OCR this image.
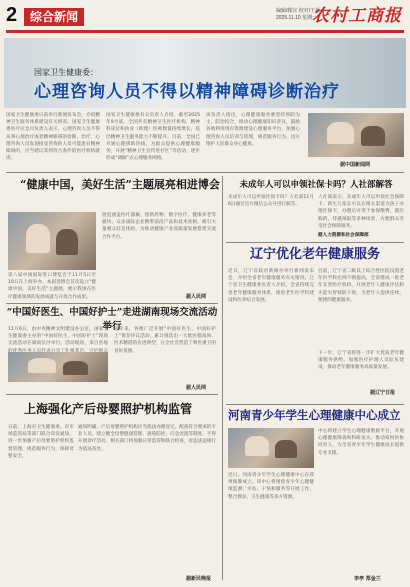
2	综合新闻	编辑/滕宣 校对/王晨
2025.11.10 星期一
农村工商报
国家卫生健康委：
心理咨询人员不得以精神障碍诊断治疗
国家卫生健康委日前举行新闻发布会，介绍精神卫生服务体系建设有关情况。国家卫生健康委医疗应急司负责人表示，心理咨询人员不得从事心理治疗或者精神障碍的诊断、治疗，心理咨询人员发现接受咨询的人员可能患有精神障碍的，应当建议其到符合条件的医疗机构就诊。
国家卫生健康委有关负责人介绍，截至2025年9月底，全国共有精神卫生医疗机构，精神科床位和执业（助理）医师数量持续增长，基层精神卫生服务能力不断提升。目前，全国已开通心理援助热线，为群众提供心理健康服务，开展“精神卫生宣传进社区”等活动，逐步形成“调解”式心理服务网络。
该负责人指出，心理健康服务要坚持预防为主、防治结合，推动心理健康知识普及，鼓励各地利用现有资源建设心理服务平台，加强心理咨询人员培训与管理，规范服务行为，切实维护人民群众身心健康。
据中国新闻网
“健康中国，美好生活”主题展亮相进博会
第八届中国国际进口博览会于11月5日至10日在上海举办。本届进博会首次设立“健康中国，美好生活”主题展，展示我国在医疗健康领域的发展成就与开放合作成果。
展览涵盖医疗器械、创新药物、数字医疗、健康养老等板块，众多国际企业携带前沿产品和技术亮相，吸引大量观众驻足体验，为推动健康产业高质量发展搭建交流合作平台。
据人民网
“中国好医生、中国好护士”走进湖南现场交流活动举行
11月6日，由中央精神文明建设办公室、国家卫生健康委主办的“中国好医生、中国好护士”现场交流活动在湖南长沙举行。活动现场，来自各地
近年来，各地广泛开展“中国好医生、中国好护士”推荐评议活动，累计推选出一大批医德高尚、医术精湛的先进典型，在全社会营造了尊医重卫的良好氛围。
据人民网
上海强化产后母婴照护机构监管
日前，上海市卫生健康委、市市场监管局等部门联合印发通知，进一步加强产后母婴照护机构监督管理，规范服务行为，保障母婴安全。
通知明确，产后母婴照护机构应当依法办理登记，配备符合要求的专业人员，建立健全母婴健康管理、感染防控、应急处置等制度，不得开展诊疗活动。相关部门将加强日常监管和联合检查，对违法违规行为依法查处。
据新民晚报
未成年人可以申领社保卡吗？人社部解答
未成年人可以申领社保卡吗？人社部11月6日通过官方微信公众号进行解答。
人社部表示，未成年人可以申领社会保障卡。新生儿家长可以在相关渠道为孩子办理社保卡，办理后可用于参保缴费、就医购药、待遇领取等多种场景，方便群众享受社会保障服务。
据人力资源和社会保障部
辽宁优化老年健康服务
近日，辽宁省政府新闻办举行新闻发布会，介绍全省老年健康服务有关情况。辽宁省卫生健康委负责人介绍，全省持续完善老年健康服务体系，推进老年医学科建设和医养结合发展。
目前，辽宁省二级以上综合性医院设置老年医学科比例不断提高，全省建成一批老年友善医疗机构，开展老年人健康评估和失能失智预防干预，为老年人提供连续、便捷的健康服务。
下一步，辽宁省将进一步扩大优质老年健康服务供给，加强医疗护理人员队伍建设，推动老年健康服务高质量发展。
据辽宁日报
河南青少年学生心理健康中心成立
近日，河南青少年学生心理健康中心在郑州揭牌成立。该中心将围绕青少年心理健康监测、评估、干预和服务等开展工作，整合教育、卫生健康等多方资源。
中心将建立学生心理健康数据平台，开展心理健康筛查和科研攻关，推动家校医协同育人，为全省青少年学生健康成长提供专业支撑。
李亭 郑金兰
